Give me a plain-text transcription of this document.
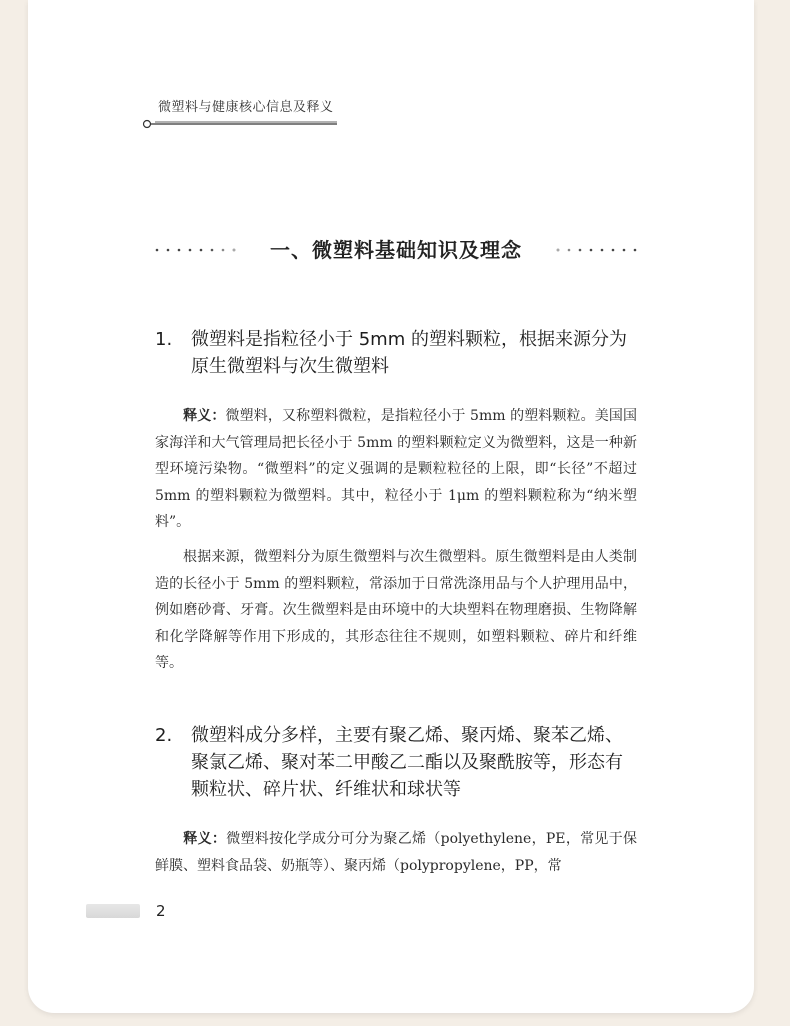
微塑料与健康核心信息及释义
一、微塑料基础知识及理念
1. 微塑料是指粒径小于 5mm 的塑料颗粒，根据来源分为原生微塑料与次生微塑料
释义：微塑料，又称塑料微粒，是指粒径小于 5mm 的塑料颗粒。美国国家海洋和大气管理局把长径小于 5mm 的塑料颗粒定义为微塑料，这是一种新型环境污染物。“微塑料”的定义强调的是颗粒粒径的上限，即“长径”不超过 5mm 的塑料颗粒为微塑料。其中，粒径小于 1μm 的塑料颗粒称为“纳米塑料”。
根据来源，微塑料分为原生微塑料与次生微塑料。原生微塑料是由人类制造的长径小于 5mm 的塑料颗粒，常添加于日常洗涤用品与个人护理用品中，例如磨砂膏、牙膏。次生微塑料是由环境中的大块塑料在物理磨损、生物降解和化学降解等作用下形成的，其形态往往不规则，如塑料颗粒、碎片和纤维等。
2. 微塑料成分多样，主要有聚乙烯、聚丙烯、聚苯乙烯、聚氯乙烯、聚对苯二甲酸乙二酯以及聚酰胺等，形态有颗粒状、碎片状、纤维状和球状等
释义：微塑料按化学成分可分为聚乙烯（polyethylene，PE，常见于保鲜膜、塑料食品袋、奶瓶等）、聚丙烯（polypropylene，PP，常
2
